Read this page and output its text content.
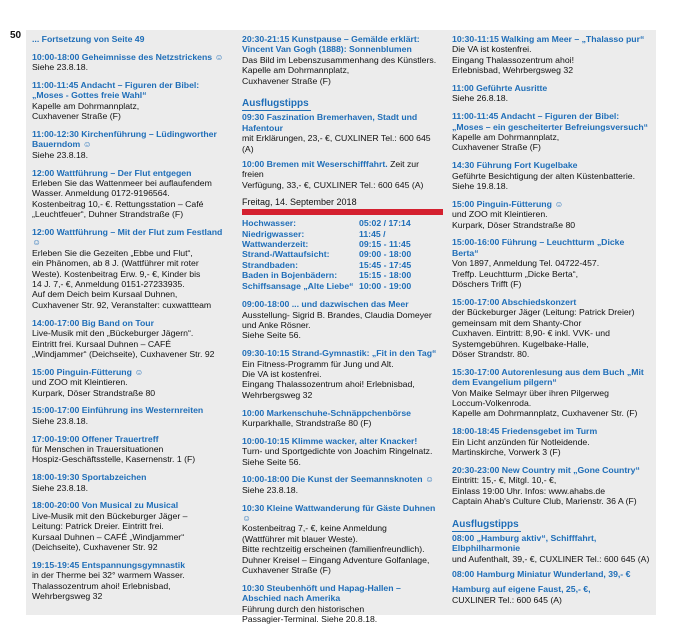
50 ... Fortsetzung von Seite 49
10:00-18:00 Geheimnisse des Netzstrickens ☺
Siehe 23.8.18.
11:00-11:45 Andacht – Figuren der Bibel: „Moses - Gottes freie Wahl“
Kapelle am Dohrmannplatz,
Cuxhavener Straße (F)
11:00-12:30 Kirchenführung – Lüdingworther Bauerndom ☺
Siehe 23.8.18.
12:00 Wattführung – Der Flut entgegen
Erleben Sie das Wattenmeer bei auflaufendem
Wasser. Anmeldung 0172-9196564.
Kostenbeitrag 10,- €. Rettungsstation – Café
„Leuchtfeuer“, Duhner Strandstraße (F)
12:00 Wattführung – Mit der Flut zum Festland ☺
Erleben Sie die Gezeiten „Ebbe und Flut“,
ein Phänomen, ab 8 J. (Wattführer mit roter
Weste). Kostenbeitrag Erw. 9,- €, Kinder bis
14 J. 7,- €, Anmeldung 0151-27233935.
Auf dem Deich beim Kursaal Duhnen,
Cuxhavener Str. 92, Veranstalter: cuxwattteam
14:00-17:00 Big Band on Tour
Live-Musik mit den „Bückeburger Jägern“.
Eintritt frei. Kursaal Duhnen – CAFÉ
„Windjammer“ (Deichseite), Cuxhavener Str. 92
15:00 Pinguin-Fütterung ☺
und ZOO mit Kleintieren.
Kurpark, Döser Strandstraße 80
15:00-17:00 Einführung ins Westernreiten
Siehe 23.8.18.
17:00-19:00 Offener Trauertreff
für Menschen in Trauersituationen
Hospiz-Geschäftsstelle, Kasernenstr. 1 (F)
18:00-19:30 Sportabzeichen
Siehe 23.8.18.
18:00-20:00 Von Musical zu Musical
Live-Musik mit den Bückeburger Jäger –
Leitung: Patrick Dreier. Eintritt frei.
Kursaal Duhnen – CAFÉ „Windjammer“
(Deichseite), Cuxhavener Str. 92
19:15-19:45 Entspannungsgymnastik
in der Therme bei 32° warmem Wasser.
Thalassozentrum ahoi! Erlebnisbad,
Wehrbergsweg 32
20:30-21:15 Kunstpause – Gemälde erklärt: Vincent Van Gogh (1888): Sonnenblumen
Das Bild im Lebenszusammenhang des Künstlers.
Kapelle am Dohrmannplatz,
Cuxhavener Straße (F)
Ausflugstipps
09:30 Faszination Bremerhaven, Stadt und Hafentour
mit Erklärungen, 23,- €, CUXLINER Tel.: 600 645 (A)
10:00 Bremen mit Weserschifffahrt. Zeit zur freien
Verfügung, 33,- €, CUXLINER Tel.: 600 645 (A)
Freitag, 14. September 2018
Hochwasser:	05:02 / 17:14
Niedrigwasser:	11:45 /
Wattwanderzeit:	09:15 - 11:45
Strand-/Wattaufsicht:	09:00 - 18:00
Strandbaden:	15:45 - 17:45
Baden in Bojenbädern:	15:15 - 18:00
Schiffsansage „Alte Liebe“ 10:00 - 19:00
09:00-18:00 ... und dazwischen das Meer
Ausstellung- Sigrid B. Brandes, Claudia Domeyer
und Anke Rösner.
Siehe Seite 56.
09:30-10:15 Strand-Gymnastik: „Fit in den Tag“
Ein Fitness-Programm für Jung und Alt.
Die VA ist kostenfrei.
Eingang Thalassozentrum ahoi! Erlebnisbad,
Wehrbergsweg 32
10:00 Markenschuhe-Schnäppchenbörse
Kurparkhalle, Strandstraße 80 (F)
10:00-10:15 Klimme wacker, alter Knacker!
Turn- und Sportgedichte von Joachim Ringelnatz.
Siehe Seite 56.
10:00-18:00 Die Kunst der Seemannsknoten ☺
Siehe 23.8.18.
10:30 Kleine Wattwanderung für Gäste Duhnen ☺
Kostenbeitrag 7,- €, keine Anmeldung
(Wattführer mit blauer Weste).
Bitte rechtzeitig erscheinen (familienfreundlich).
Duhner Kreisel – Eingang Adventure Golfanlage,
Cuxhavener Straße (F)
10:30 Steubenhöft und Hapag-Hallen – Abschied nach Amerika
Führung durch den historischen
Passagier-Terminal. Siehe 20.8.18.
10:30-11:15 Walking am Meer – „Thalasso pur“
Die VA ist kostenfrei.
Eingang Thalassozentrum ahoi!
Erlebnisbad, Wehrbergsweg 32
11:00 Geführte Ausritte
Siehe 26.8.18.
11:00-11:45 Andacht – Figuren der Bibel: „Moses – ein gescheiterter Befreiungsversuch“
Kapelle am Dohrmannplatz,
Cuxhavener Straße (F)
14:30 Führung Fort Kugelbake
Geführte Besichtigung der alten Küstenbatterie.
Siehe 19.8.18.
15:00 Pinguin-Fütterung ☺
und ZOO mit Kleintieren.
Kurpark, Döser Strandstraße 80
15:00-16:00 Führung – Leuchtturm „Dicke Berta“
Von 1897, Anmeldung Tel. 04722-457.
Treffp. Leuchtturm „Dicke Berta“,
Döschers Trifft (F)
15:00-17:00 Abschiedskonzert
der Bückeburger Jäger (Leitung: Patrick Dreier)
gemeinsam mit dem Shanty-Chor
Cuxhaven. Eintritt: 8,90- € inkl. VVK- und
Systemgebühren. Kugelbake-Halle,
Döser Strandstr. 80.
15:30-17:00 Autorenlesung aus dem Buch „Mit dem Evangelium pilgern“
Von Maike Selmayr über ihren Pilgerweg
Loccum-Volkenroda.
Kapelle am Dohrmannplatz, Cuxhavener Str. (F)
18:00-18:45 Friedensgebet im Turm
Ein Licht anzünden für Notleidende.
Martinskirche, Vorwerk 3 (F)
20:30-23:00 New Country mit „Gone Country“
Eintritt: 15,- €, Mitgl. 10,- €,
Einlass 19:00 Uhr. Infos: www.ahabs.de
Captain Ahab's Culture Club, Marienstr. 36 A (F)
Ausflugstipps
08:00 „Hamburg aktiv“, Schifffahrt, Elbphilharmonie
und Aufenthalt, 39,- €, CUXLINER Tel.: 600 645 (A)
08:00 Hamburg Miniatur Wunderland, 39,- €
Hamburg auf eigene Faust, 25,- €,
CUXLINER Tel.: 600 645 (A)
